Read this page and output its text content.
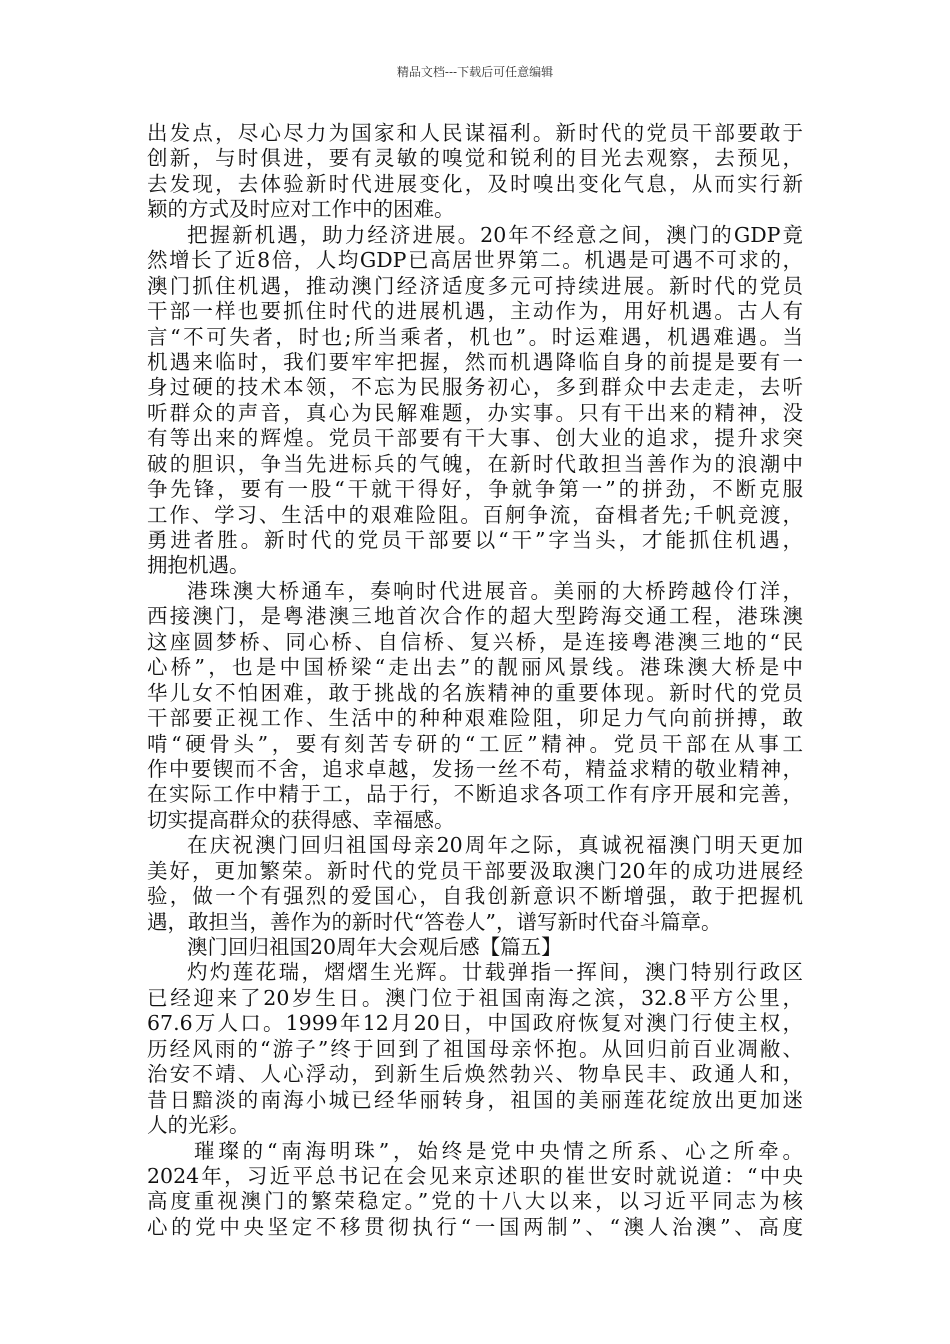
精品文档---下载后可任意编辑
出发点，尽心尽力为国家和人民谋福利。新时代的党员干部要敢于
创新，与时俱进，要有灵敏的嗅觉和锐利的目光去观察，去预见，
去发现，去体验新时代进展变化，及时嗅出变化气息，从而实行新
颖的方式及时应对工作中的困难。
把握新机遇，助力经济进展。20年不经意之间，澳门的GDP竟
然增长了近8倍，人均GDP已高居世界第二。机遇是可遇不可求的，
澳门抓住机遇，推动澳门经济适度多元可持续进展。新时代的党员
干部一样也要抓住时代的进展机遇，主动作为，用好机遇。古人有
言“不可失者，时也;所当乘者，机也”。时运难遇，机遇难遇。当
机遇来临时，我们要牢牢把握，然而机遇降临自身的前提是要有一
身过硬的技术本领，不忘为民服务初心，多到群众中去走走，去听
听群众的声音，真心为民解难题，办实事。只有干出来的精神，没
有等出来的辉煌。党员干部要有干大事、创大业的追求，提升求突
破的胆识，争当先进标兵的气魄，在新时代敢担当善作为的浪潮中
争先锋，要有一股“干就干得好，争就争第一”的拼劲，不断克服
工作、学习、生活中的艰难险阻。百舸争流，奋楫者先;千帆竞渡，
勇进者胜。新时代的党员干部要以“干”字当头，才能抓住机遇，
拥抱机遇。
港珠澳大桥通车，奏响时代进展音。美丽的大桥跨越伶仃洋，
西接澳门，是粤港澳三地首次合作的超大型跨海交通工程，港珠澳
这座圆梦桥、同心桥、自信桥、复兴桥，是连接粤港澳三地的“民
心桥”，也是中国桥梁“走出去”的靓丽风景线。港珠澳大桥是中
华儿女不怕困难，敢于挑战的名族精神的重要体现。新时代的党员
干部要正视工作、生活中的种种艰难险阻，卯足力气向前拼搏，敢
啃“硬骨头”，要有刻苦专研的“工匠”精神。党员干部在从事工
作中要锲而不舍，追求卓越，发扬一丝不苟，精益求精的敬业精神，
在实际工作中精于工，品于行，不断追求各项工作有序开展和完善，
切实提高群众的获得感、幸福感。
在庆祝澳门回归祖国母亲20周年之际，真诚祝福澳门明天更加
美好，更加繁荣。新时代的党员干部要汲取澳门20年的成功进展经
验，做一个有强烈的爱国心，自我创新意识不断增强，敢于把握机
遇，敢担当，善作为的新时代“答卷人”，谱写新时代奋斗篇章。
澳门回归祖国20周年大会观后感【篇五】
灼灼莲花瑞，熠熠生光辉。廿载弹指一挥间，澳门特别行政区
已经迎来了20岁生日。澳门位于祖国南海之滨，32.8平方公里，
67.6万人口。1999年12月20日，中国政府恢复对澳门行使主权，
历经风雨的“游子”终于回到了祖国母亲怀抱。从回归前百业凋敝、
治安不靖、人心浮动，到新生后焕然勃兴、物阜民丰、政通人和，
昔日黯淡的南海小城已经华丽转身，祖国的美丽莲花绽放出更加迷
人的光彩。
璀璨的“南海明珠”，始终是党中央情之所系、心之所牵。
2024年，习近平总书记在会见来京述职的崔世安时就说道：“中央
高度重视澳门的繁荣稳定。”党的十八大以来，以习近平同志为核
心的党中央坚定不移贯彻执行“一国两制”、“澳人治澳”、高度
